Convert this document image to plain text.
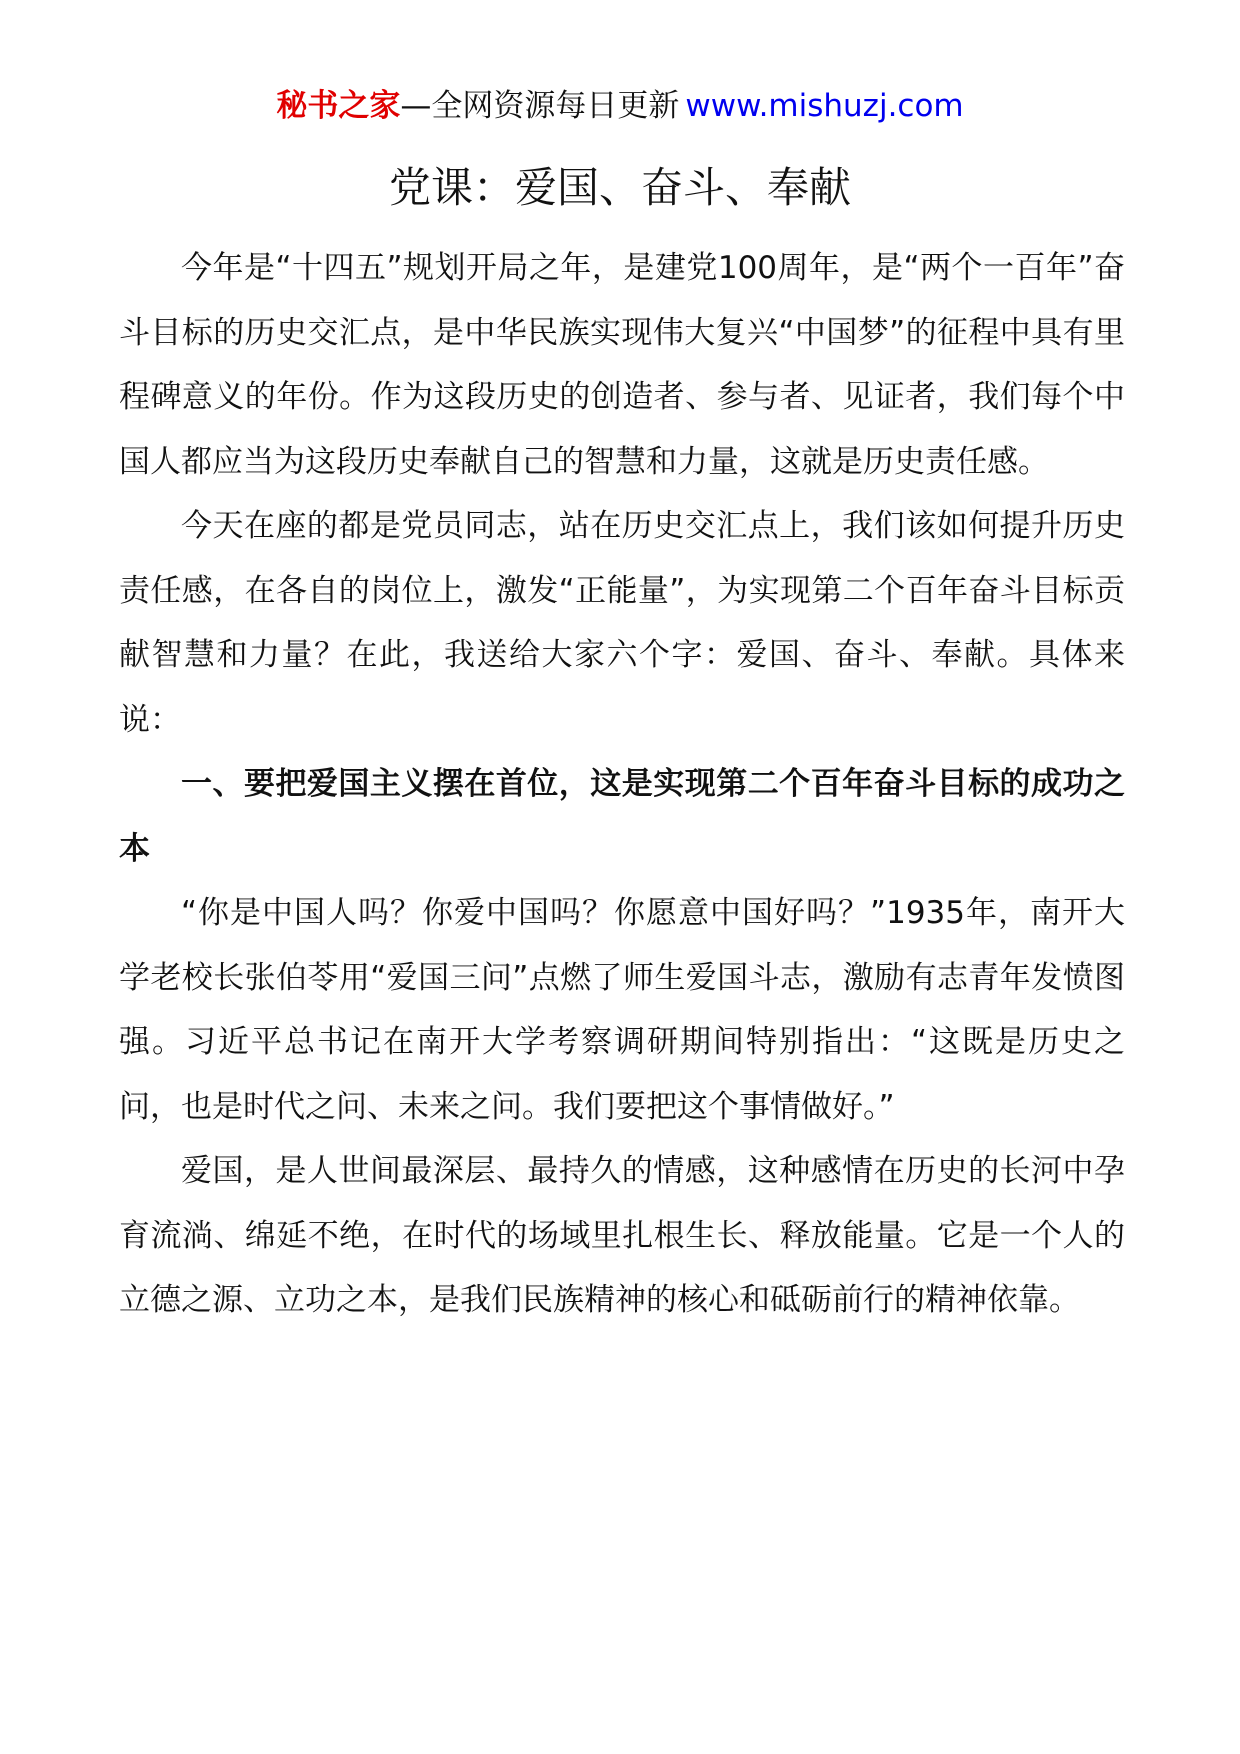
秘书之家—全网资源每日更新 www.mishuzj.com
党课：爱国、奋斗、奉献

今年是“十四五”规划开局之年，是建党100周年，是“两个一百年”奋斗目标的历史交汇点，是中华民族实现伟大复兴“中国梦”的征程中具有里程碑意义的年份。作为这段历史的创造者、参与者、见证者，我们每个中国人都应当为这段历史奉献自己的智慧和力量，这就是历史责任感。

今天在座的都是党员同志，站在历史交汇点上，我们该如何提升历史责任感，在各自的岗位上，激发“正能量”，为实现第二个百年奋斗目标贡献智慧和力量？在此，我送给大家六个字：爱国、奋斗、奉献。具体来说：

一、要把爱国主义摆在首位，这是实现第二个百年奋斗目标的成功之本

“你是中国人吗？你爱中国吗？你愿意中国好吗？”1935年，南开大学老校长张伯苓用“爱国三问”点燃了师生爱国斗志，激励有志青年发愤图强。习近平总书记在南开大学考察调研期间特别指出：“这既是历史之问，也是时代之问、未来之问。我们要把这个事情做好。”

爱国，是人世间最深层、最持久的情感，这种感情在历史的长河中孕育流淌、绵延不绝，在时代的场域里扎根生长、释放能量。它是一个人的立德之源、立功之本，是我们民族精神的核心和砥砺前行的精神依靠。
